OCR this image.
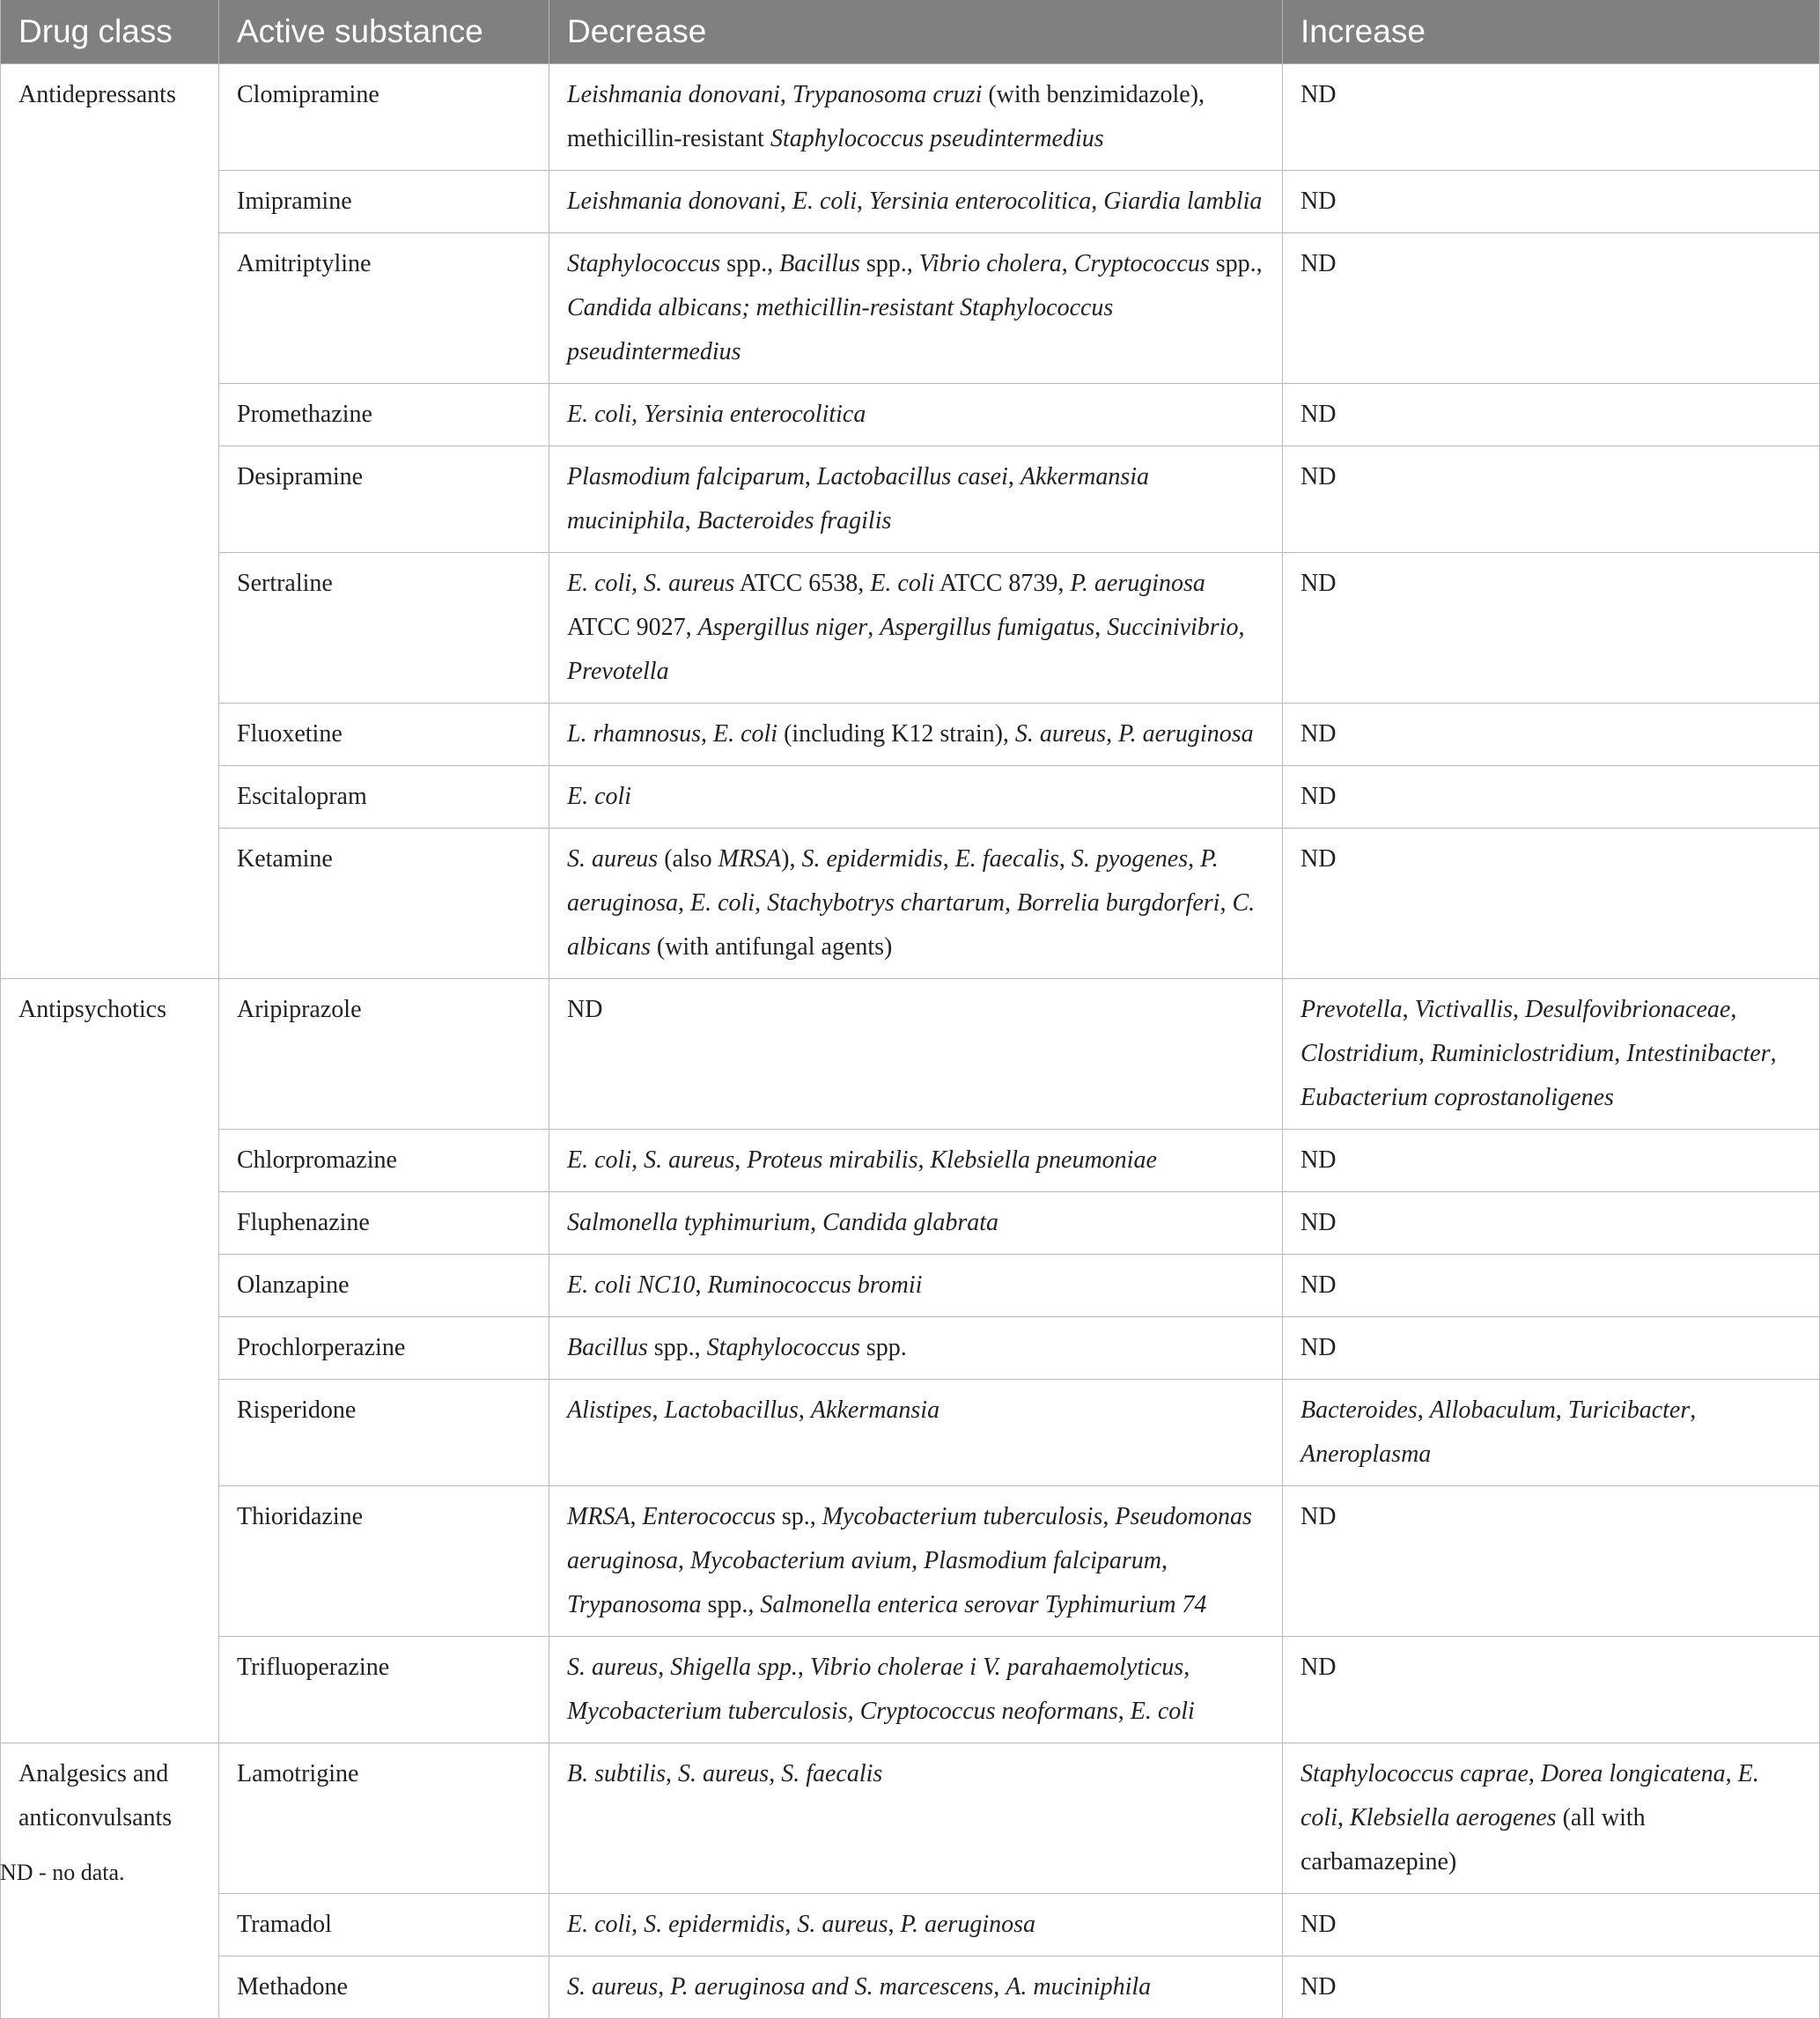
Drug class	Active substance	Decrease	Increase
Antidepressants	Clomipramine	Leishmania donovani, Trypanosoma cruzi (with benzimidazole), methicillin-resistant Staphylococcus pseudintermedius	ND
	Imipramine	Leishmania donovani, E. coli, Yersinia enterocolitica, Giardia lamblia	ND
	Amitriptyline	Staphylococcus spp., Bacillus spp., Vibrio cholera, Cryptococcus spp., Candida albicans; methicillin-resistant Staphylococcus pseudintermedius	ND
	Promethazine	E. coli, Yersinia enterocolitica	ND
	Desipramine	Plasmodium falciparum, Lactobacillus casei, Akkermansia muciniphila, Bacteroides fragilis	ND
	Sertraline	E. coli, S. aureus ATCC 6538, E. coli ATCC 8739, P. aeruginosa ATCC 9027, Aspergillus niger, Aspergillus fumigatus, Succinivibrio, Prevotella	ND
	Fluoxetine	L. rhamnosus, E. coli (including K12 strain), S. aureus, P. aeruginosa	ND
	Escitalopram	E. coli	ND
	Ketamine	S. aureus (also MRSA), S. epidermidis, E. faecalis, S. pyogenes, P. aeruginosa, E. coli, Stachybotrys chartarum, Borrelia burgdorferi, C. albicans (with antifungal agents)	ND
Antipsychotics	Aripiprazole	ND	Prevotella, Victivallis, Desulfovibrionaceae, Clostridium, Ruminiclostridium, Intestinibacter, Eubacterium coprostanoligenes
	Chlorpromazine	E. coli, S. aureus, Proteus mirabilis, Klebsiella pneumoniae	ND
	Fluphenazine	Salmonella typhimurium, Candida glabrata	ND
	Olanzapine	E. coli NC10, Ruminococcus bromii	ND
	Prochlorperazine	Bacillus spp., Staphylococcus spp.	ND
	Risperidone	Alistipes, Lactobacillus, Akkermansia	Bacteroides, Allobaculum, Turicibacter, Aneroplasma
	Thioridazine	MRSA, Enterococcus sp., Mycobacterium tuberculosis, Pseudomonas aeruginosa, Mycobacterium avium, Plasmodium falciparum, Trypanosoma spp., Salmonella enterica serovar Typhimurium 74	ND
	Trifluoperazine	S. aureus, Shigella spp., Vibrio cholerae i V. parahaemolyticus, Mycobacterium tuberculosis, Cryptococcus neoformans, E. coli	ND
Analgesics and anticonvulsants	Lamotrigine	B. subtilis, S. aureus, S. faecalis	Staphylococcus caprae, Dorea longicatena, E. coli, Klebsiella aerogenes (all with carbamazepine)
	Tramadol	E. coli, S. epidermidis, S. aureus, P. aeruginosa	ND
	Methadone	S. aureus, P. aeruginosa and S. marcescens, A. muciniphila	ND
ND - no data.
